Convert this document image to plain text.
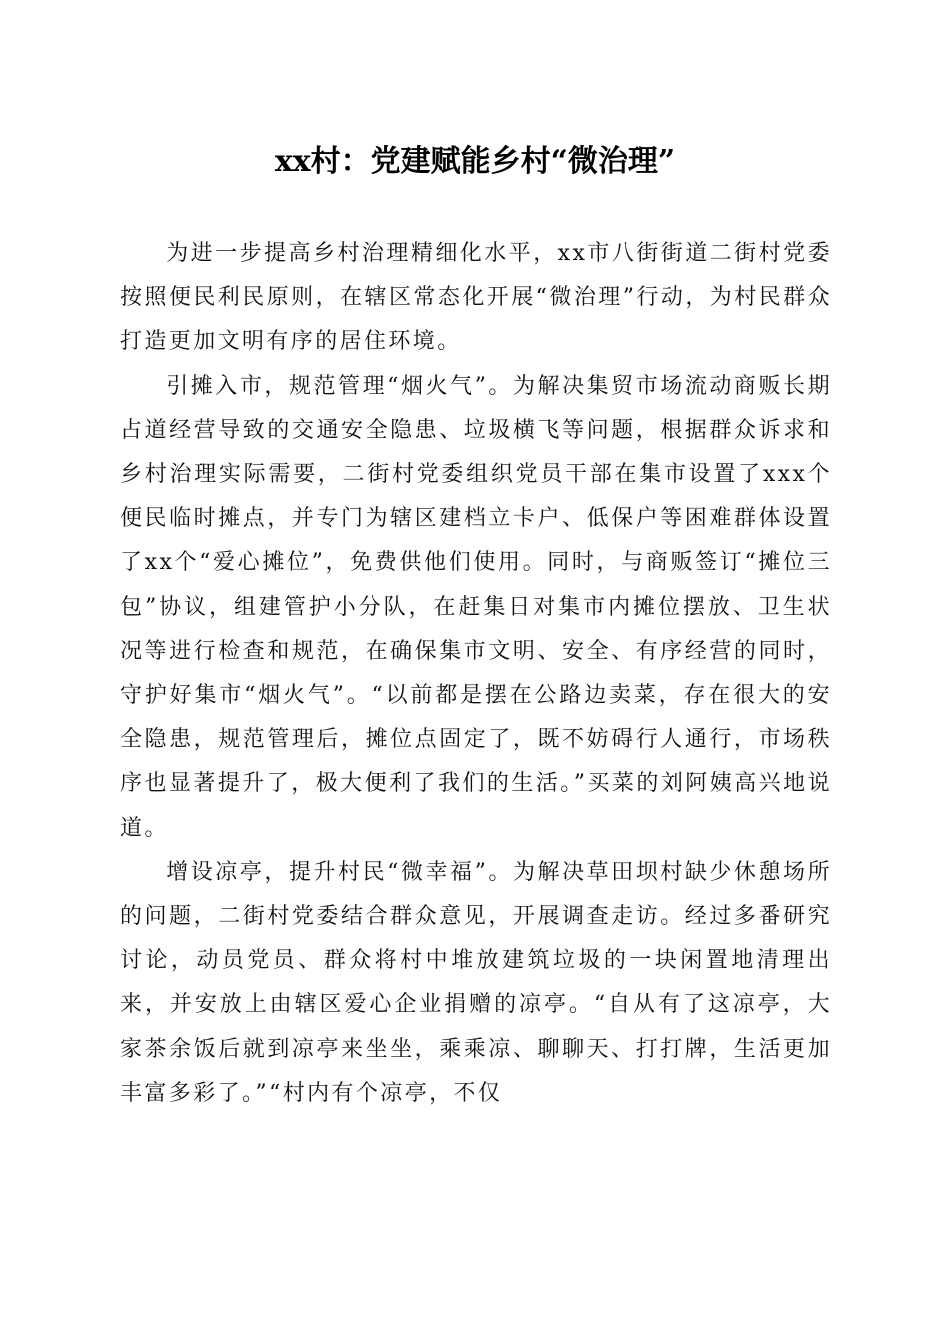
xx村：党建赋能乡村“微治理”

为进一步提高乡村治理精细化水平，xx市八街街道二街村党委按照便民利民原则，在辖区常态化开展“微治理”行动，为村民群众打造更加文明有序的居住环境。

引摊入市，规范管理“烟火气”。为解决集贸市场流动商贩长期占道经营导致的交通安全隐患、垃圾横飞等问题，根据群众诉求和乡村治理实际需要，二街村党委组织党员干部在集市设置了xxx个便民临时摊点，并专门为辖区建档立卡户、低保户等困难群体设置了xx个“爱心摊位”，免费供他们使用。同时，与商贩签订“摊位三包”协议，组建管护小分队，在赶集日对集市内摊位摆放、卫生状况等进行检查和规范，在确保集市文明、安全、有序经营的同时，守护好集市“烟火气”。“以前都是摆在公路边卖菜，存在很大的安全隐患，规范管理后，摊位点固定了，既不妨碍行人通行，市场秩序也显著提升了，极大便利了我们的生活。”买菜的刘阿姨高兴地说道。

增设凉亭，提升村民“微幸福”。为解决草田坝村缺少休憩场所的问题，二街村党委结合群众意见，开展调查走访。经过多番研究讨论，动员党员、群众将村中堆放建筑垃圾的一块闲置地清理出来，并安放上由辖区爱心企业捐赠的凉亭。“自从有了这凉亭，大家茶余饭后就到凉亭来坐坐，乘乘凉、聊聊天、打打牌，生活更加丰富多彩了。”“村内有个凉亭，不仅
